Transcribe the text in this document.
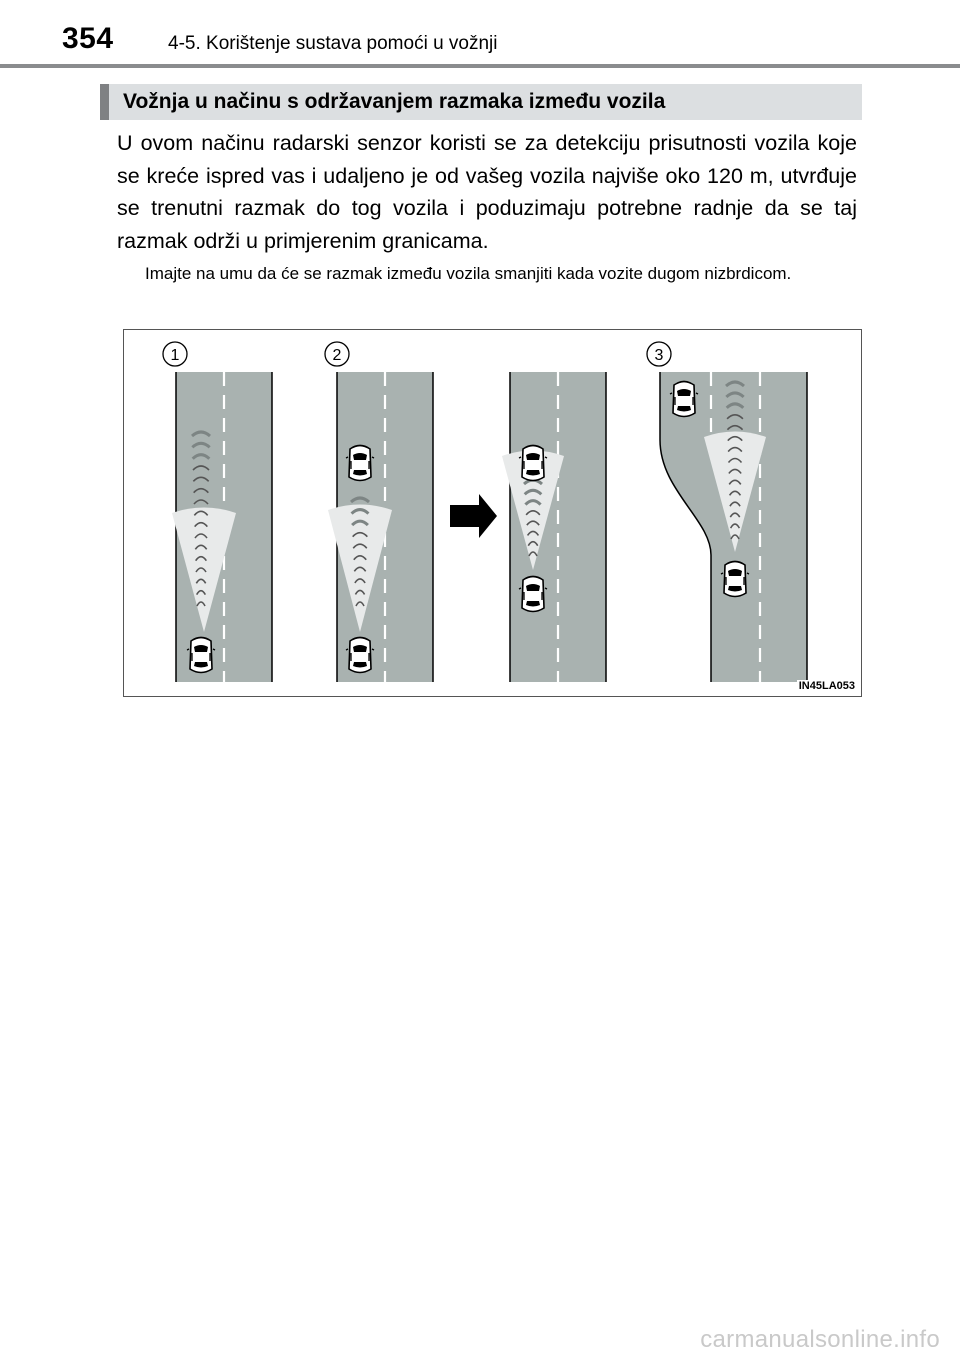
354	4-5. Korištenje sustava pomoći u vožnji
Vožnja u načinu s održavanjem razmaka između vozila
U ovom načinu radarski senzor koristi se za detekciju prisutnosti vozila koje se kreće ispred vas i udaljeno je od vašeg vozila najviše oko 120 m, utvrđuje se trenutni razmak do tog vozila i poduzimaju potrebne radnje da se taj razmak održi u primjerenim granicama.
Imajte na umu da će se razmak između vozila smanjiti kada vozite dugom nizbrdicom.
1	2	3
IN45LA053
carmanualsonline.info
